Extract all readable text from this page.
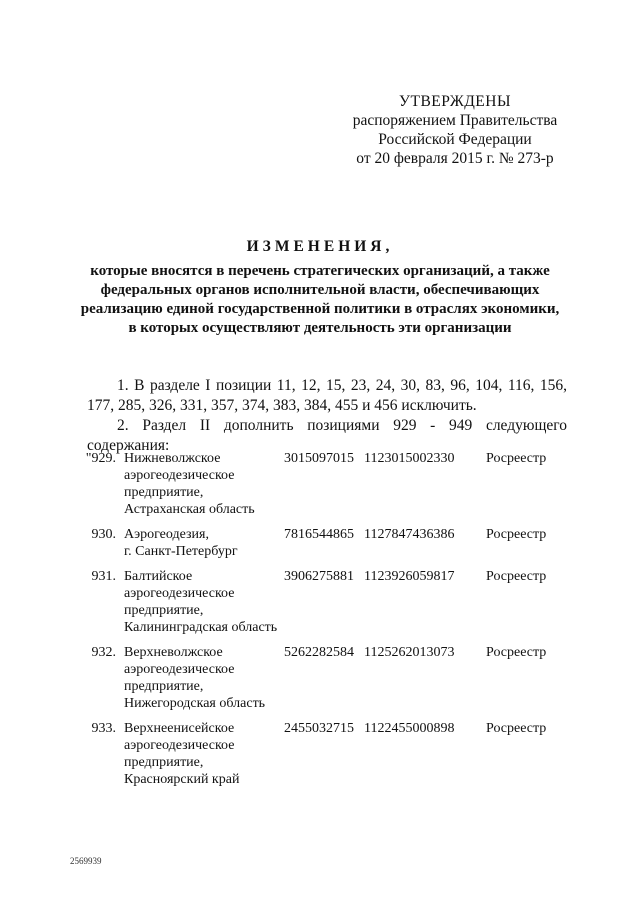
УТВЕРЖДЕНЫ
распоряжением Правительства
Российской Федерации
от 20 февраля 2015 г. № 273-р
ИЗМЕНЕНИЯ,
которые вносятся в перечень стратегических организаций, а также
федеральных органов исполнительной власти, обеспечивающих
реализацию единой государственной политики в отраслях экономики,
в которых осуществляют деятельность эти организации
1. В разделе I позиции 11, 12, 15, 23, 24, 30, 83, 96, 104, 116, 156, 177, 285, 326, 331, 357, 374, 383, 384, 455 и 456 исключить.
2. Раздел II дополнить позициями 929 - 949 следующего содержания:
"929.	Нижневолжское
аэрогеодезическое
предприятие,
Астраханская область	3015097015	1123015002330	Росреестр

930.	Аэрогеодезия,
г. Санкт-Петербург	7816544865	1127847436386	Росреестр

931.	Балтийское
аэрогеодезическое
предприятие,
Калининградская область	3906275881	1123926059817	Росреестр

932.	Верхневолжское
аэрогеодезическое
предприятие,
Нижегородская область	5262282584	1125262013073	Росреестр

933.	Верхнеенисейское
аэрогеодезическое
предприятие,
Красноярский край	2455032715	1122455000898	Росреестр
2569939
